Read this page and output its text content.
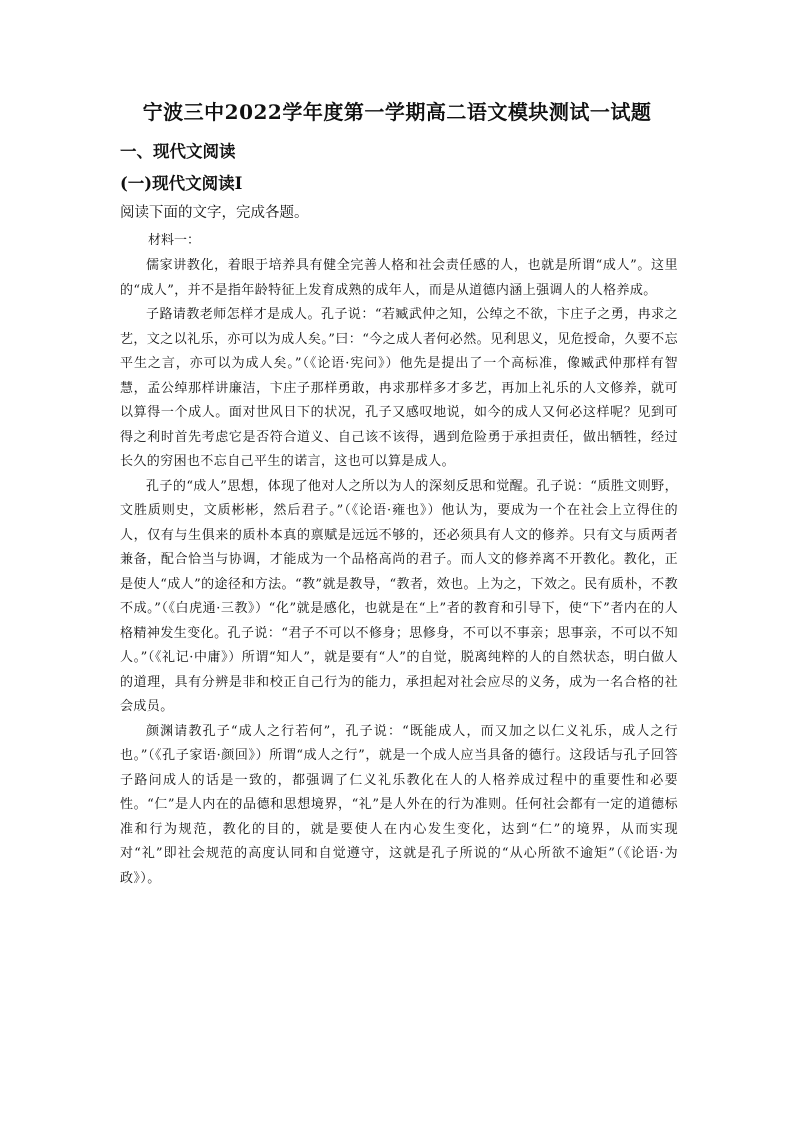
宁波三中2022学年度第一学期高二语文模块测试一试题
一、现代文阅读
(一)现代文阅读Ⅰ
阅读下面的文字，完成各题。
材料一：

儒家讲教化，着眼于培养具有健全完善人格和社会责任感的人，也就是所谓“成人”。这里的“成人”，并不是指年龄特征上发育成熟的成年人，而是从道德内涵上强调人的人格养成。

子路请教老师怎样才是成人。孔子说：“若臧武仲之知，公绰之不欲，卞庄子之勇，冉求之艺，文之以礼乐，亦可以为成人矣。”曰：“今之成人者何必然。见利思义，见危授命，久要不忘平生之言，亦可以为成人矣。”（《论语·宪问》）他先是提出了一个高标准，像臧武仲那样有智慧，孟公绰那样讲廉洁，卞庄子那样勇敢，冉求那样多才多艺，再加上礼乐的人文修养，就可以算得一个成人。面对世风日下的状况，孔子又感叹地说，如今的成人又何必这样呢？见到可得之利时首先考虑它是否符合道义、自己该不该得，遇到危险勇于承担责任，做出牺牲，经过长久的穷困也不忘自己平生的诺言，这也可以算是成人。

孔子的“成人”思想，体现了他对人之所以为人的深刻反思和觉醒。孔子说：“质胜文则野，文胜质则史，文质彬彬，然后君子。”（《论语·雍也》）他认为，要成为一个在社会上立得住的人，仅有与生俱来的质朴本真的禀赋是远远不够的，还必须具有人文的修养。只有文与质两者兼备，配合恰当与协调，才能成为一个品格高尚的君子。而人文的修养离不开教化。教化，正是使人“成人”的途径和方法。“教”就是教导，“教者，效也。上为之，下效之。民有质朴，不教不成。”（《白虎通·三教》）“化”就是感化，也就是在“上”者的教育和引导下，使“下”者内在的人格精神发生变化。孔子说：“君子不可以不修身；思修身，不可以不事亲；思事亲，不可以不知人。”（《礼记·中庸》）所谓“知人”，就是要有“人”的自觉，脱离纯粹的人的自然状态，明白做人的道理，具有分辨是非和校正自己行为的能力，承担起对社会应尽的义务，成为一名合格的社会成员。

颜渊请教孔子“成人之行若何”，孔子说：“既能成人，而又加之以仁义礼乐，成人之行也。”（《孔子家语·颜回》）所谓“成人之行”，就是一个成人应当具备的德行。这段话与孔子回答子路问成人的话是一致的，都强调了仁义礼乐教化在人的人格养成过程中的重要性和必要性。“仁”是人内在的品德和思想境界，“礼”是人外在的行为准则。任何社会都有一定的道德标准和行为规范，教化的目的，就是要使人在内心发生变化，达到“仁”的境界，从而实现对“礼”即社会规范的高度认同和自觉遵守，这就是孔子所说的“从心所欲不逾矩”（《论语·为政》）。
